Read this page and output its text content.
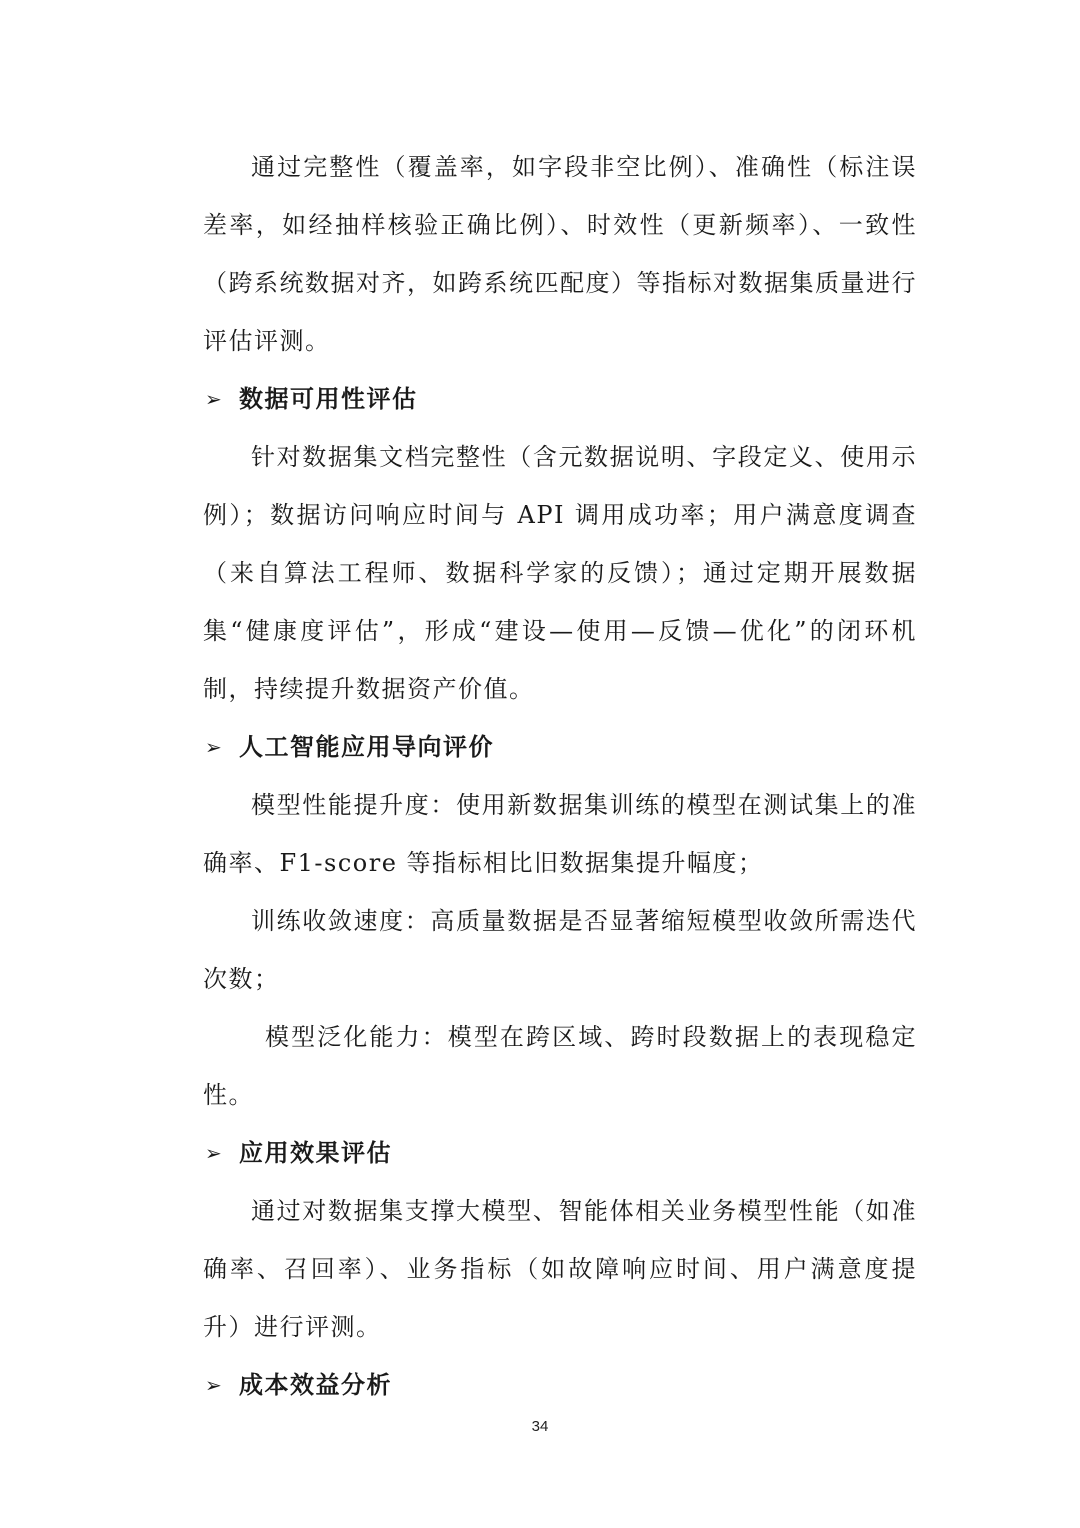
通过完整性（覆盖率，如字段非空比例）、准确性（标注误差率，如经抽样核验正确比例）、时效性（更新频率）、一致性（跨系统数据对齐，如跨系统匹配度）等指标对数据集质量进行评估评测。

➢ 数据可用性评估

针对数据集文档完整性（含元数据说明、字段定义、使用示例）；数据访问响应时间与 API 调用成功率；用户满意度调查（来自算法工程师、数据科学家的反馈）；通过定期开展数据集“健康度评估”，形成“建设—使用—反馈—优化”的闭环机制，持续提升数据资产价值。

➢ 人工智能应用导向评价

模型性能提升度：使用新数据集训练的模型在测试集上的准确率、F1-score 等指标相比旧数据集提升幅度；

训练收敛速度：高质量数据是否显著缩短模型收敛所需迭代次数；

模型泛化能力：模型在跨区域、跨时段数据上的表现稳定性。

➢ 应用效果评估

通过对数据集支撑大模型、智能体相关业务模型性能（如准确率、召回率）、业务指标（如故障响应时间、用户满意度提升）进行评测。

➢ 成本效益分析
34
